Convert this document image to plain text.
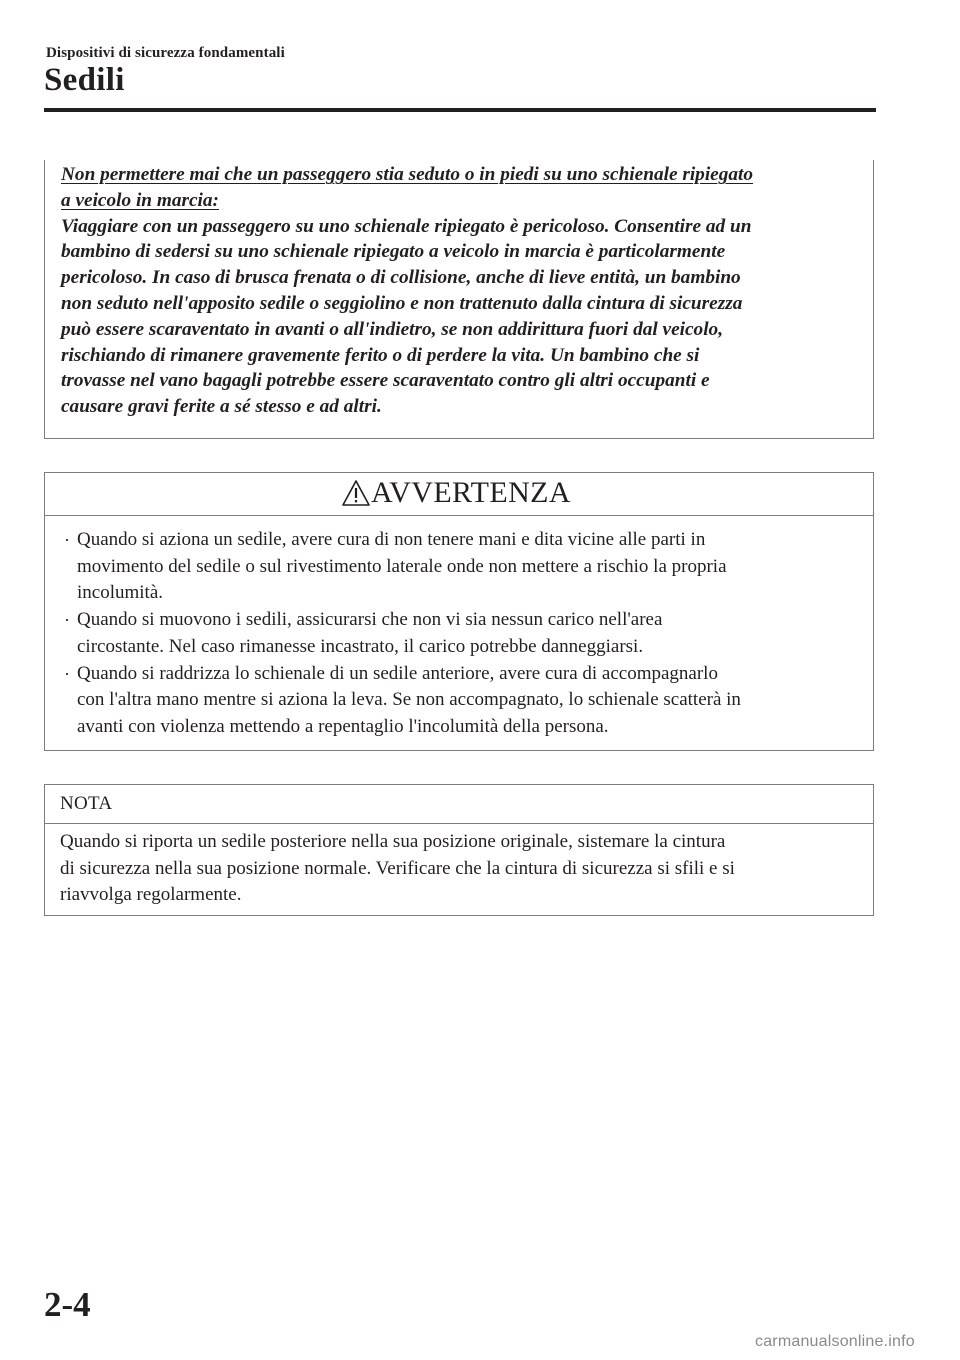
Dispositivi di sicurezza fondamentali
Sedili
Non permettere mai che un passeggero stia seduto o in piedi su uno schienale ripiegato
a veicolo in marcia:
Viaggiare con un passeggero su uno schienale ripiegato è pericoloso. Consentire ad un
bambino di sedersi su uno schienale ripiegato a veicolo in marcia è particolarmente
pericoloso. In caso di brusca frenata o di collisione, anche di lieve entità, un bambino
non seduto nell'apposito sedile o seggiolino e non trattenuto dalla cintura di sicurezza
può essere scaraventato in avanti o all'indietro, se non addirittura fuori dal veicolo,
rischiando di rimanere gravemente ferito o di perdere la vita. Un bambino che si
trovasse nel vano bagagli potrebbe essere scaraventato contro gli altri occupanti e
causare gravi ferite a sé stesso e ad altri.
AVVERTENZA
· Quando si aziona un sedile, avere cura di non tenere mani e dita vicine alle parti in
movimento del sedile o sul rivestimento laterale onde non mettere a rischio la propria
incolumità.
· Quando si muovono i sedili, assicurarsi che non vi sia nessun carico nell'area
circostante. Nel caso rimanesse incastrato, il carico potrebbe danneggiarsi.
· Quando si raddrizza lo schienale di un sedile anteriore, avere cura di accompagnarlo
con l'altra mano mentre si aziona la leva. Se non accompagnato, lo schienale scatterà in
avanti con violenza mettendo a repentaglio l'incolumità della persona.
NOTA
Quando si riporta un sedile posteriore nella sua posizione originale, sistemare la cintura
di sicurezza nella sua posizione normale. Verificare che la cintura di sicurezza si sfili e si
riavvolga regolarmente.
2-4
carmanualsonline.info
